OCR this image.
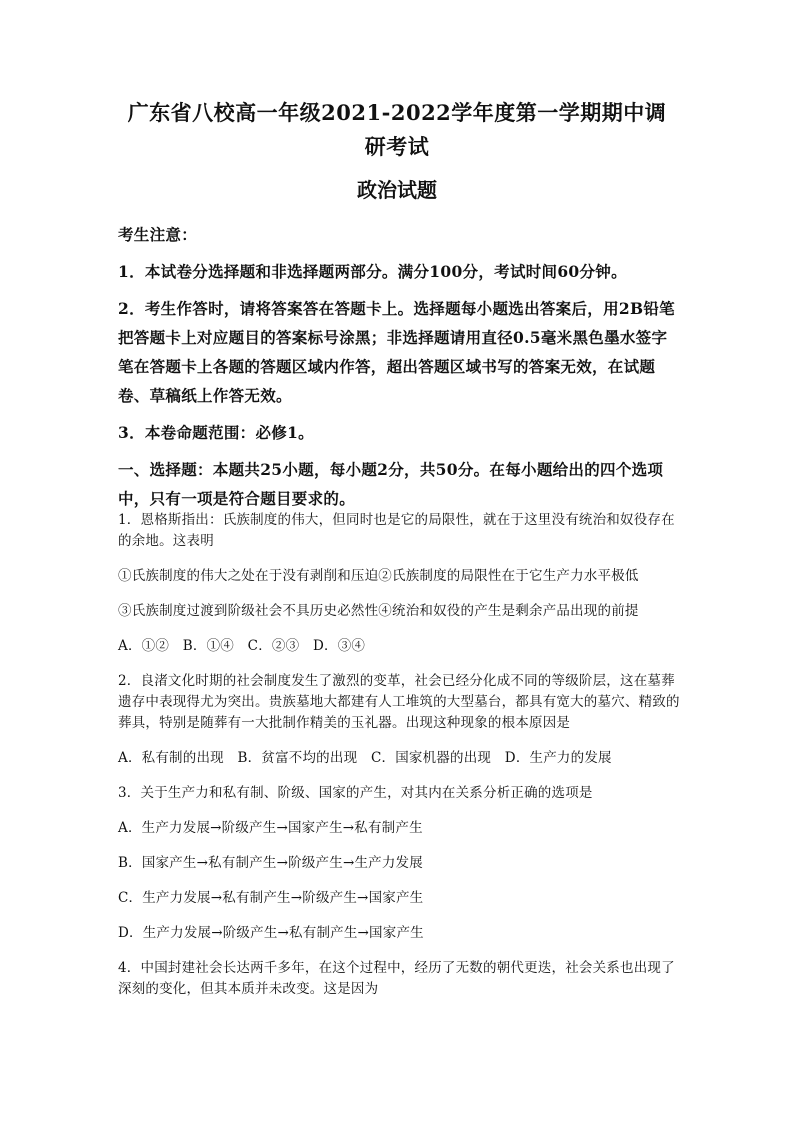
广东省八校高一年级2021-2022学年度第一学期期中调研考试
政治试题

考生注意：

1．本试卷分选择题和非选择题两部分。满分100分，考试时间60分钟。

2．考生作答时，请将答案答在答题卡上。选择题每小题选出答案后，用2B铅笔把答题卡上对应题目的答案标号涂黑；非选择题请用直径0.5毫米黑色墨水签字笔在答题卡上各题的答题区域内作答，超出答题区域书写的答案无效，在试题卷、草稿纸上作答无效。

3．本卷命题范围：必修1。

一、选择题：本题共25小题，每小题2分，共50分。在每小题给出的四个选项中，只有一项是符合题目要求的。

1．恩格斯指出：氏族制度的伟大，但同时也是它的局限性，就在于这里没有统治和奴役存在的余地。这表明

①氏族制度的伟大之处在于没有剥削和压迫②氏族制度的局限性在于它生产力水平极低

③氏族制度过渡到阶级社会不具历史必然性④统治和奴役的产生是剩余产品出现的前提

A．①②　B．①④　C．②③　D．③④

2．良渚文化时期的社会制度发生了激烈的变革，社会已经分化成不同的等级阶层，这在墓葬遗存中表现得尤为突出。贵族墓地大都建有人工堆筑的大型墓台，都具有宽大的墓穴、精致的葬具，特别是随葬有一大批制作精美的玉礼器。出现这种现象的根本原因是

A．私有制的出现　B．贫富不均的出现　C．国家机器的出现　D．生产力的发展

3．关于生产力和私有制、阶级、国家的产生，对其内在关系分析正确的选项是

A．生产力发展→阶级产生→国家产生→私有制产生

B．国家产生→私有制产生→阶级产生→生产力发展

C．生产力发展→私有制产生→阶级产生→国家产生

D．生产力发展→阶级产生→私有制产生→国家产生

4．中国封建社会长达两千多年，在这个过程中，经历了无数的朝代更迭，社会关系也出现了深刻的变化，但其本质并未改变。这是因为
